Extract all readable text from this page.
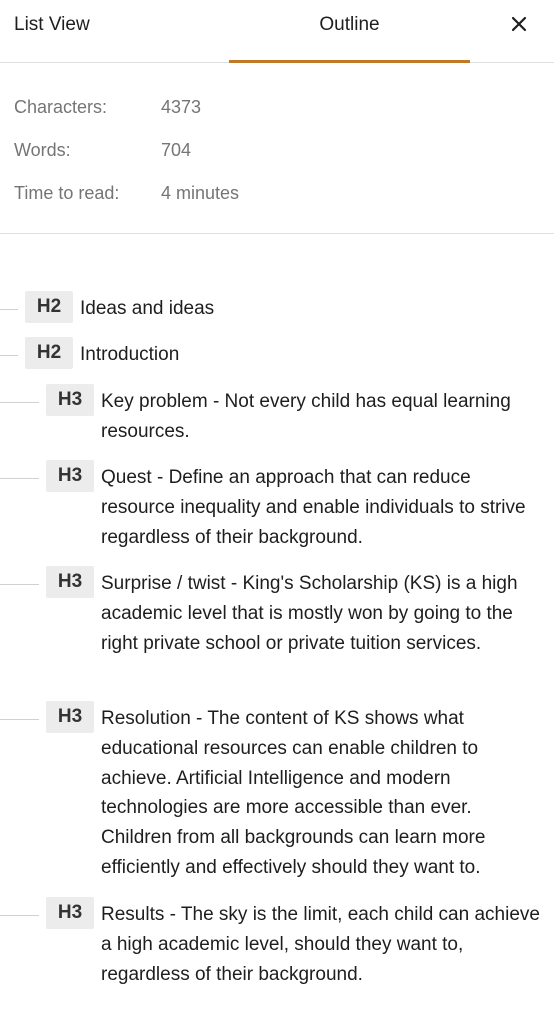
List View	Outline
Characters:	4373
Words:	704
Time to read: 4 minutes
H2 Ideas and ideas
H2 Introduction
H3 Key problem - Not every child has equal learning resources.
H3 Quest - Define an approach that can reduce resource inequality and enable individuals to strive regardless of their background.
H3 Surprise / twist - King's Scholarship (KS) is a high academic level that is mostly won by going to the right private school or private tuition services.
H3 Resolution - The content of KS shows what educational resources can enable children to achieve. Artificial Intelligence and modern technologies are more accessible than ever. Children from all backgrounds can learn more efficiently and effectively should they want to.
H3 Results - The sky is the limit, each child can achieve a high academic level, should they want to, regardless of their background.
